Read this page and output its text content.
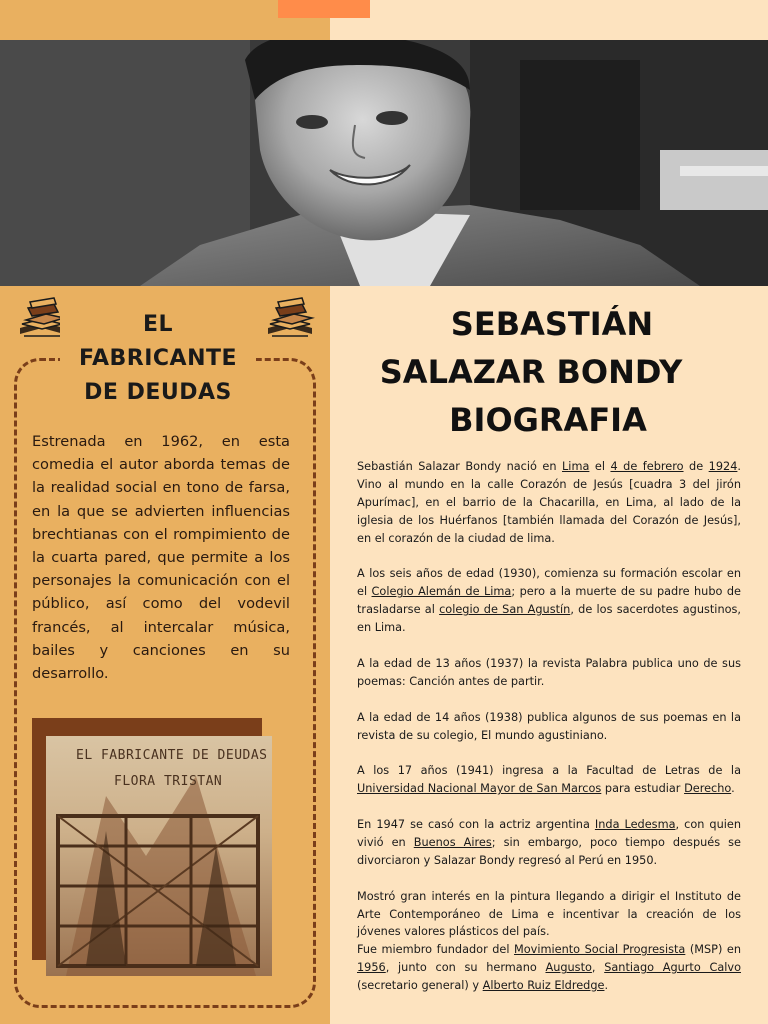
EL
FABRICANTE
DE DEUDAS

Estrenada en 1962, en esta comedia el autor aborda temas de la realidad social en tono de farsa, en la que se advierten influencias brechtianas con el rompimiento de la cuarta pared, que permite a los personajes la comunicación con el público, así como del vodevil francés, al intercalar música, bailes y canciones en su desarrollo.

EL FABRICANTE DE DEUDAS
FLORA TRISTAN
SEBASTIÁN
SALAZAR BONDY
BIOGRAFIA

Sebastián Salazar Bondy nació en Lima el 4 de febrero de 1924. Vino al mundo en la calle Corazón de Jesús [cuadra 3 del jirón Apurímac], en el barrio de la Chacarilla, en Lima, al lado de la iglesia de los Huérfanos [también llamada del Corazón de Jesús], en el corazón de la ciudad de lima.

A los seis años de edad (1930), comienza su formación escolar en el Colegio Alemán de Lima; pero a la muerte de su padre hubo de trasladarse al colegio de San Agustín, de los sacerdotes agustinos, en Lima.

A la edad de 13 años (1937) la revista Palabra publica uno de sus poemas: Canción antes de partir.

A la edad de 14 años (1938) publica algunos de sus poemas en la revista de su colegio, El mundo agustiniano.

A los 17 años (1941) ingresa a la Facultad de Letras de la Universidad Nacional Mayor de San Marcos para estudiar Derecho.

En 1947 se casó con la actriz argentina Inda Ledesma, con quien vivió en Buenos Aires; sin embargo, poco tiempo después se divorciaron y Salazar Bondy regresó al Perú en 1950.

Mostró gran interés en la pintura llegando a dirigir el Instituto de Arte Contemporáneo de Lima e incentivar la creación de los jóvenes valores plásticos del país.

Fue miembro fundador del Movimiento Social Progresista (MSP) en 1956, junto con su hermano Augusto, Santiago Agurto Calvo (secretario general) y Alberto Ruiz Eldredge.
